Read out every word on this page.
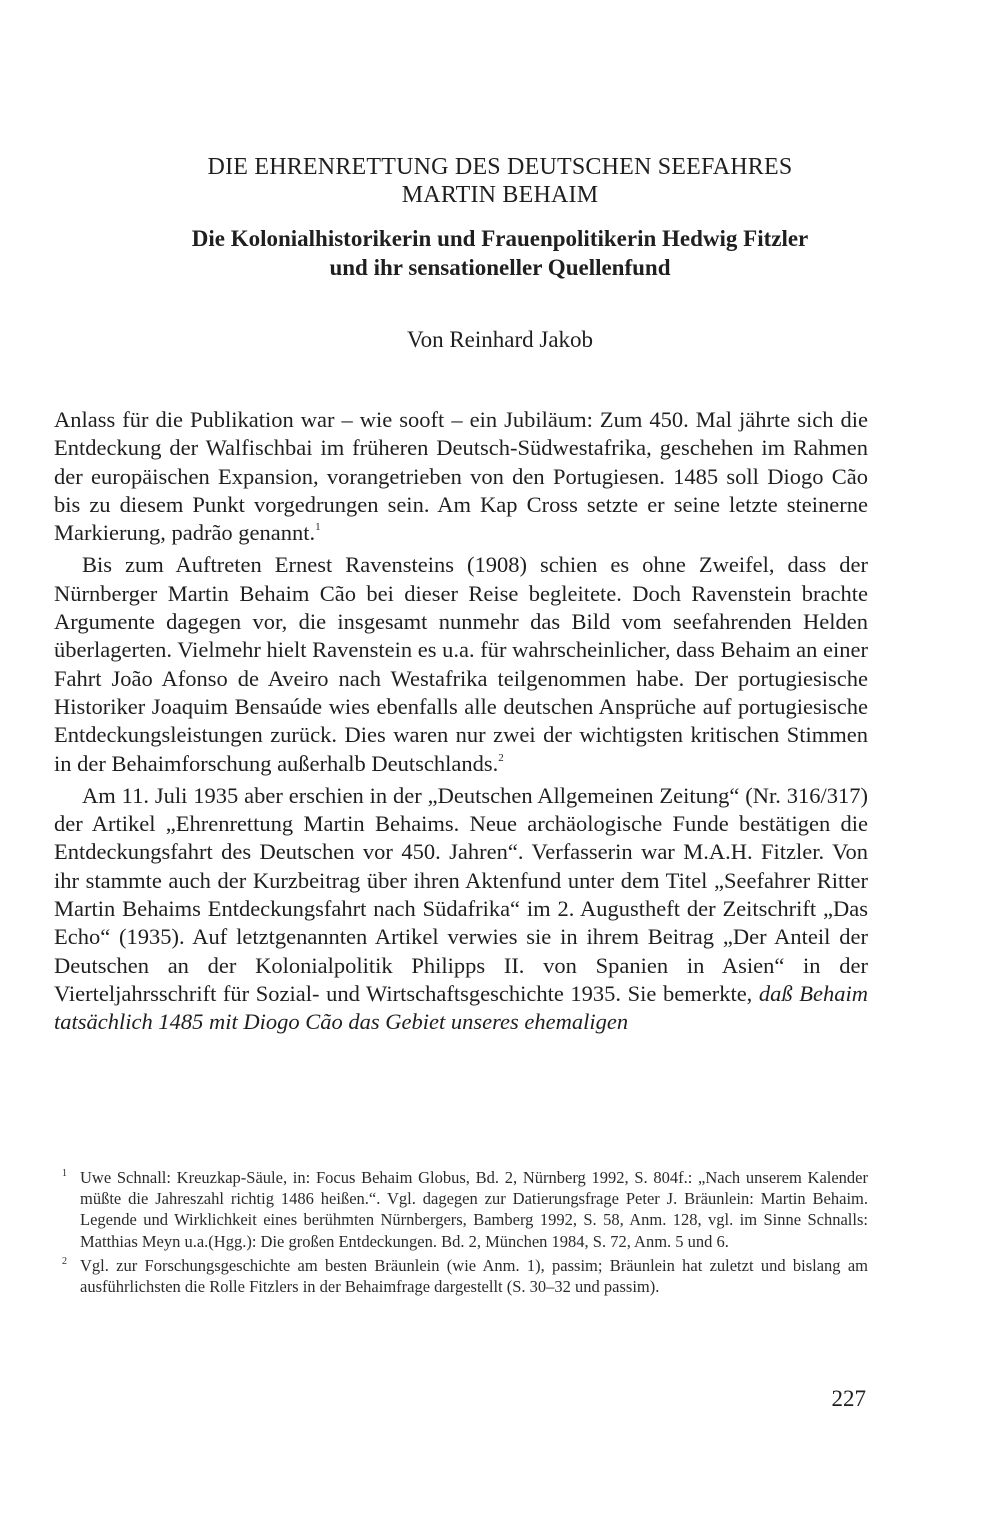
DIE EHRENRETTUNG DES DEUTSCHEN SEEFAHRES
MARTIN BEHAIM
Die Kolonialhistorikerin und Frauenpolitikerin Hedwig Fitzler
und ihr sensationeller Quellenfund
Von Reinhard Jakob

Anlass für die Publikation war – wie sooft – ein Jubiläum: Zum 450. Mal jährte sich die Entdeckung der Walfischbai im früheren Deutsch-Südwestafrika, geschehen im Rahmen der europäischen Expansion, vorangetrieben von den Portugiesen. 1485 soll Diogo Cão bis zu diesem Punkt vorgedrungen sein. Am Kap Cross setzte er seine letzte steinerne Markierung, padrão genannt.$^1$

Bis zum Auftreten Ernest Ravensteins (1908) schien es ohne Zweifel, dass der Nürnberger Martin Behaim Cão bei dieser Reise begleitete. Doch Ravenstein brachte Argumente dagegen vor, die insgesamt nunmehr das Bild vom seefahrenden Helden überlagerten. Vielmehr hielt Ravenstein es u.a. für wahrscheinlicher, dass Behaim an einer Fahrt João Afonso de Aveiro nach Westafrika teilgenommen habe. Der portugiesische Historiker Joaquim Bensaúde wies ebenfalls alle deutschen Ansprüche auf portugiesische Entdeckungsleistungen zurück. Dies waren nur zwei der wichtigsten kritischen Stimmen in der Behaimforschung außerhalb Deutschlands.$^2$

Am 11. Juli 1935 aber erschien in der „Deutschen Allgemeinen Zeitung“ (Nr. 316/317) der Artikel „Ehrenrettung Martin Behaims. Neue archäologische Funde bestätigen die Entdeckungsfahrt des Deutschen vor 450. Jahren“. Verfasserin war M.A.H. Fitzler. Von ihr stammte auch der Kurzbeitrag über ihren Aktenfund unter dem Titel „Seefahrer Ritter Martin Behaims Entdeckungsfahrt nach Südafrika“ im 2. Augustheft der Zeitschrift „Das Echo“ (1935). Auf letztgenannten Artikel verwies sie in ihrem Beitrag „Der Anteil der Deutschen an der Kolonialpolitik Philipps II. von Spanien in Asien“ in der Vierteljahrsschrift für Sozial- und Wirtschaftsgeschichte 1935. Sie bemerkte, daß Behaim tatsächlich 1485 mit Diogo Cão das Gebiet unseres ehemaligen

1 Uwe Schnall: Kreuzkap-Säule, in: Focus Behaim Globus, Bd. 2, Nürnberg 1992, S. 804f.: „Nach unserem Kalender müßte die Jahreszahl richtig 1486 heißen.“. Vgl. dagegen zur Datierungsfrage Peter J. Bräunlein: Martin Behaim. Legende und Wirklichkeit eines berühmten Nürnbergers, Bamberg 1992, S. 58, Anm. 128, vgl. im Sinne Schnalls: Matthias Meyn u.a.(Hgg.): Die großen Entdeckungen. Bd. 2, München 1984, S. 72, Anm. 5 und 6.
2 Vgl. zur Forschungsgeschichte am besten Bräunlein (wie Anm. 1), passim; Bräunlein hat zuletzt und bislang am ausführlichsten die Rolle Fitzlers in der Behaimfrage dargestellt (S. 30–32 und passim).
227
